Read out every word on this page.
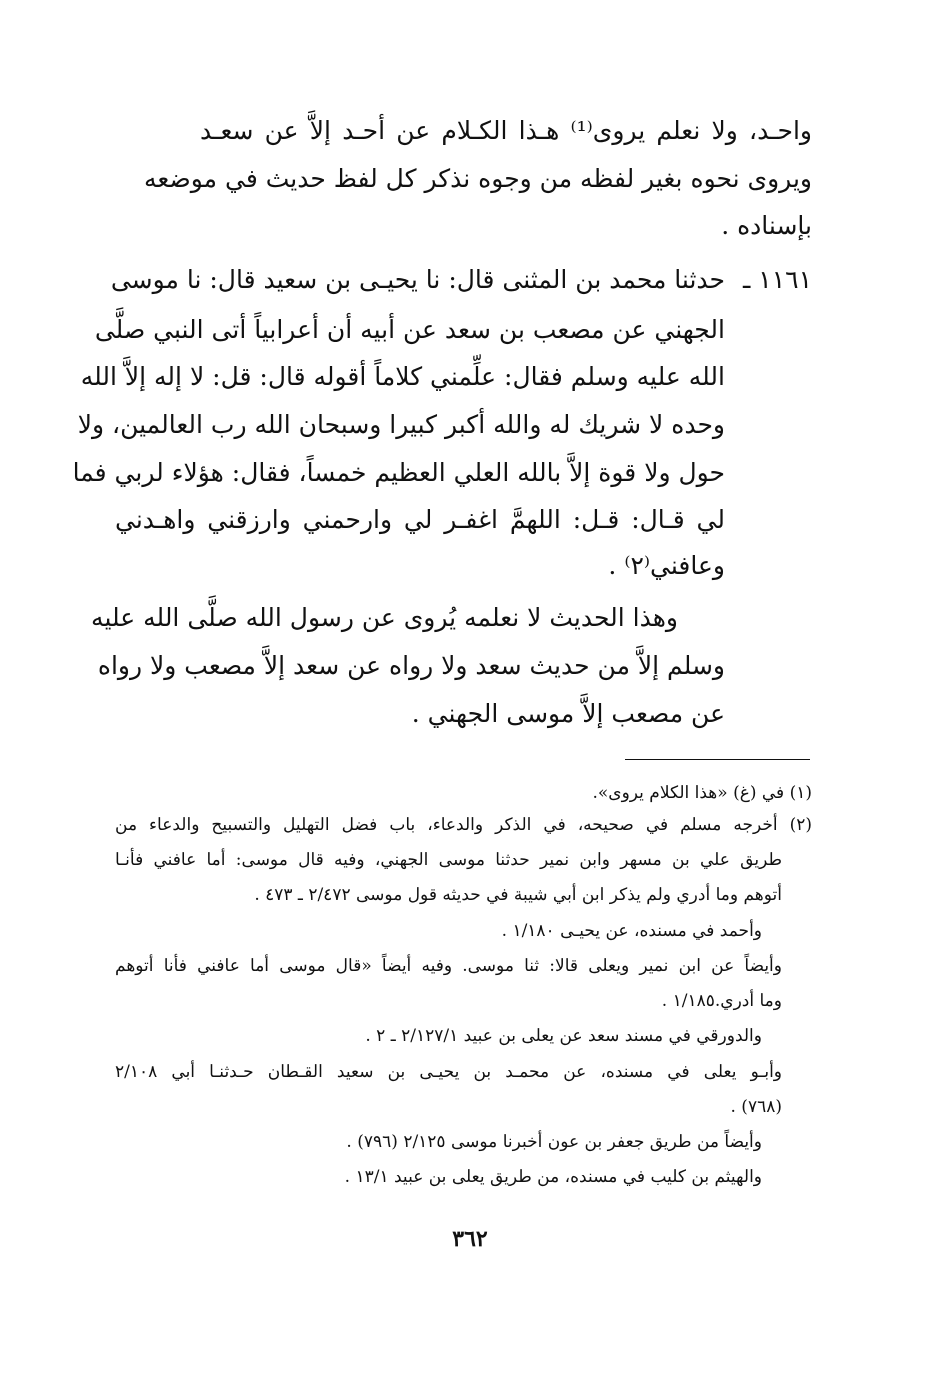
واحـد، ولا نعلم يروى⁽¹⁾ هـذا الكـلام عن أحـد إلاَّ عن سعـد
ويروى نحوه بغير لفظه من وجوه نذكر كل لفظ حديث في موضعه
بإسناده .
١١٦١ ـ
حدثنا محمد بن المثنى قال: نا يحيـى بن سعيد قال: نا موسى
الجهني عن مصعب بن سعد عن أبيه أن أعرابياً أتى النبي صلَّى
الله عليه وسلم فقال: علِّمني كلاماً أقوله قال: قل: لا إله إلاَّ الله
وحده لا شريك له والله أكبر كبيرا وسبحان الله رب العالمين، ولا
حول ولا قوة إلاَّ بالله العلي العظيم خمساً، فقال: هؤلاء لربي فما
لي قـال: قـل: اللهمَّ اغفـر لي وارحمني وارزقني واهـدني
وعافني⁽٢⁾ .
وهذا الحديث لا نعلمه يُروى عن رسول الله صلَّى الله عليه
وسلم إلاَّ من حديث سعد ولا رواه عن سعد إلاَّ مصعب ولا رواه
عن مصعب إلاَّ موسى الجهني .
(١) في (غ) «هذا الكلام يروى».
(٢) أخرجه مسلم في صحيحه، في الذكر والدعاء، باب فضل التهليل والتسبيح والدعاء من
طريق علي بن مسهر وابن نمير حدثنا موسى الجهني، وفيه قال موسى: أما عافني فأنـا
أتوهم وما أدري ولم يذكر ابن أبي شيبة في حديثه قول موسى ٢/٤٧٢ ـ ٤٧٣ .
وأحمد في مسنده، عن يحيـى ١/١٨٠ .
وأيضاً عن ابن نمير ويعلى قالا: ثنا موسى. وفيه أيضاً «قال موسى أما عافني فأنا أتوهم
وما أدري.١/١٨٥ .
والدورقي في مسند سعد عن يعلى بن عبيد ٢/١٢٧/١ ـ ٢ .
وأبـو يعلى في مسنده، عن محمـد بن يحيـى بن سعيد القـطان حـدثنـا أبي ٢/١٠٨
(٧٦٨) .
وأيضاً من طريق جعفر بن عون أخبرنا موسى ٢/١٢٥ (٧٩٦) .
والهيثم بن كليب في مسنده، من طريق يعلى بن عبيد ١٣/١ .
٣٦٢
